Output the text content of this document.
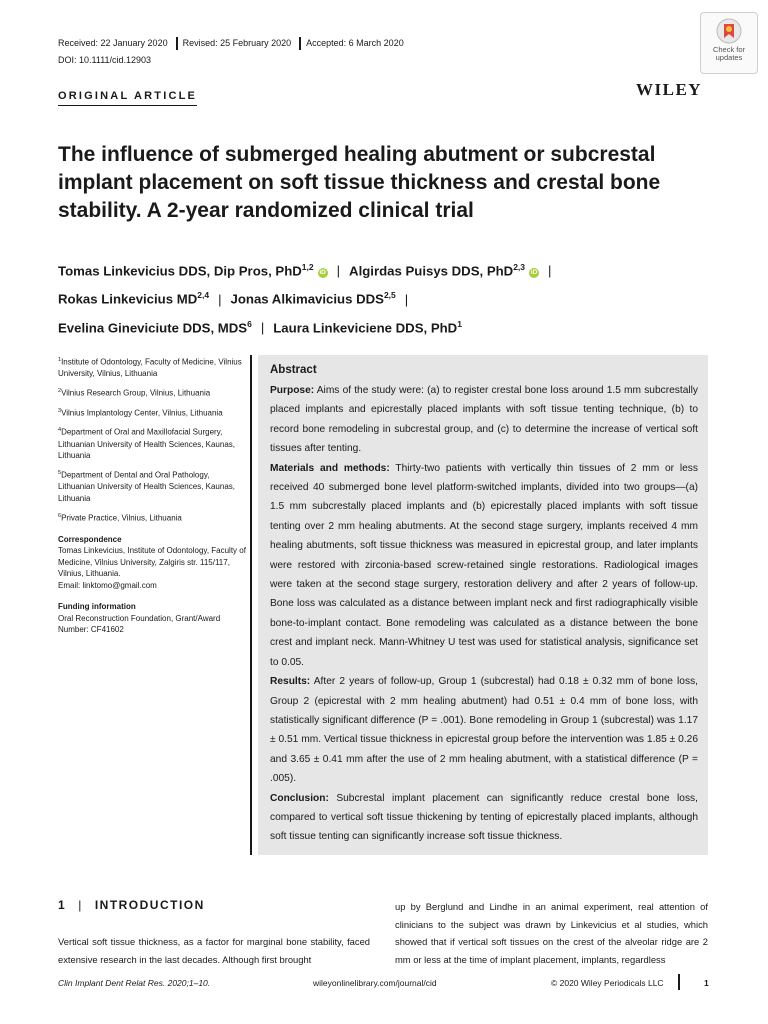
Received: 22 January 2020 Revised: 25 February 2020 Accepted: 6 March 2020
DOI: 10.1111/cid.12903
Check for
updates
ORIGINAL ARTICLE	WILEY
The influence of submerged healing abutment or subcrestal implant placement on soft tissue thickness and crestal bone stability. A 2-year randomized clinical trial
Tomas Linkevicius DDS, Dip Pros, PhD$^{1,2}$iD | Algirdas Puisys DDS, PhD$^{2,3}$iD |
Rokas Linkevicius MD$^{2,4}$ | Jonas Alkimavicius DDS$^{2,5}$ |
Evelina Gineviciute DDS, MDS$^6$ | Laura Linkeviciene DDS, PhD$^1$

$^1$Institute of Odontology, Faculty of Medicine, Vilnius University, Vilnius, Lithuania

$^2$Vilnius Research Group, Vilnius, Lithuania

$^3$Vilnius Implantology Center, Vilnius, Lithuania

$^4$Department of Oral and Maxillofacial Surgery, Lithuanian University of Health Sciences, Kaunas, Lithuania

$^5$Department of Dental and Oral Pathology, Lithuanian University of Health Sciences, Kaunas, Lithuania

$^6$Private Practice, Vilnius, Lithuania

Correspondence

Tomas Linkevicius, Institute of Odontology, Faculty of Medicine, Vilnius University, Zalgiris str. 115/117, Vilnius, Lithuania.

Email: linktomo@gmail.com

Funding information

Oral Reconstruction Foundation, Grant/Award Number: CF41602

Abstract

Purpose: Aims of the study were: (a) to register crestal bone loss around 1.5 mm subcrestally placed implants and epicrestally placed implants with soft tissue tenting technique, (b) to record bone remodeling in subcrestal group, and (c) to determine the increase of vertical soft tissues after tenting.

Materials and methods: Thirty-two patients with vertically thin tissues of 2 mm or less received 40 submerged bone level platform-switched implants, divided into two groups—(a) 1.5 mm subcrestally placed implants and (b) epicrestally placed implants with soft tissue tenting over 2 mm healing abutments. At the second stage surgery, implants received 4 mm healing abutments, soft tissue thickness was measured in epicrestal group, and later implants were restored with zirconia-based screw-retained single restorations. Radiological images were taken at the second stage surgery, restoration delivery and after 2 years of follow-up. Bone loss was calculated as a distance between implant neck and first radiographically visible bone-to-implant contact. Bone remodeling was calculated as a distance between the bone crest and implant neck. Mann-Whitney U test was used for statistical analysis, significance set to 0.05.

Results: After 2 years of follow-up, Group 1 (subcrestal) had 0.18 ± 0.32 mm of bone loss, Group 2 (epicrestal with 2 mm healing abutment) had 0.51 ± 0.4 mm of bone loss, with statistically significant difference (P = .001). Bone remodeling in Group 1 (subcrestal) was 1.17 ± 0.51 mm. Vertical tissue thickness in epicrestal group before the intervention was 1.85 ± 0.26 and 3.65 ± 0.41 mm after the use of 2 mm healing abutment, with a statistical difference (P = .005).

Conclusion: Subcrestal implant placement can significantly reduce crestal bone loss, compared to vertical soft tissue thickening by tenting of epicrestally placed implants, although soft tissue tenting can significantly increase soft tissue thickness.

1 | INTRODUCTION

Vertical soft tissue thickness, as a factor for marginal bone stability, faced extensive research in the last decades. Although first brought

up by Berglund and Lindhe in an animal experiment, real attention of clinicians to the subject was drawn by Linkevicius et al studies, which showed that if vertical soft tissues on the crest of the alveolar ridge are 2 mm or less at the time of implant placement, implants, regardless

Clin Implant Dent Relat Res. 2020;1–10.	wileyonlinelibrary.com/journal/cid	© 2020 Wiley Periodicals LLC	1
